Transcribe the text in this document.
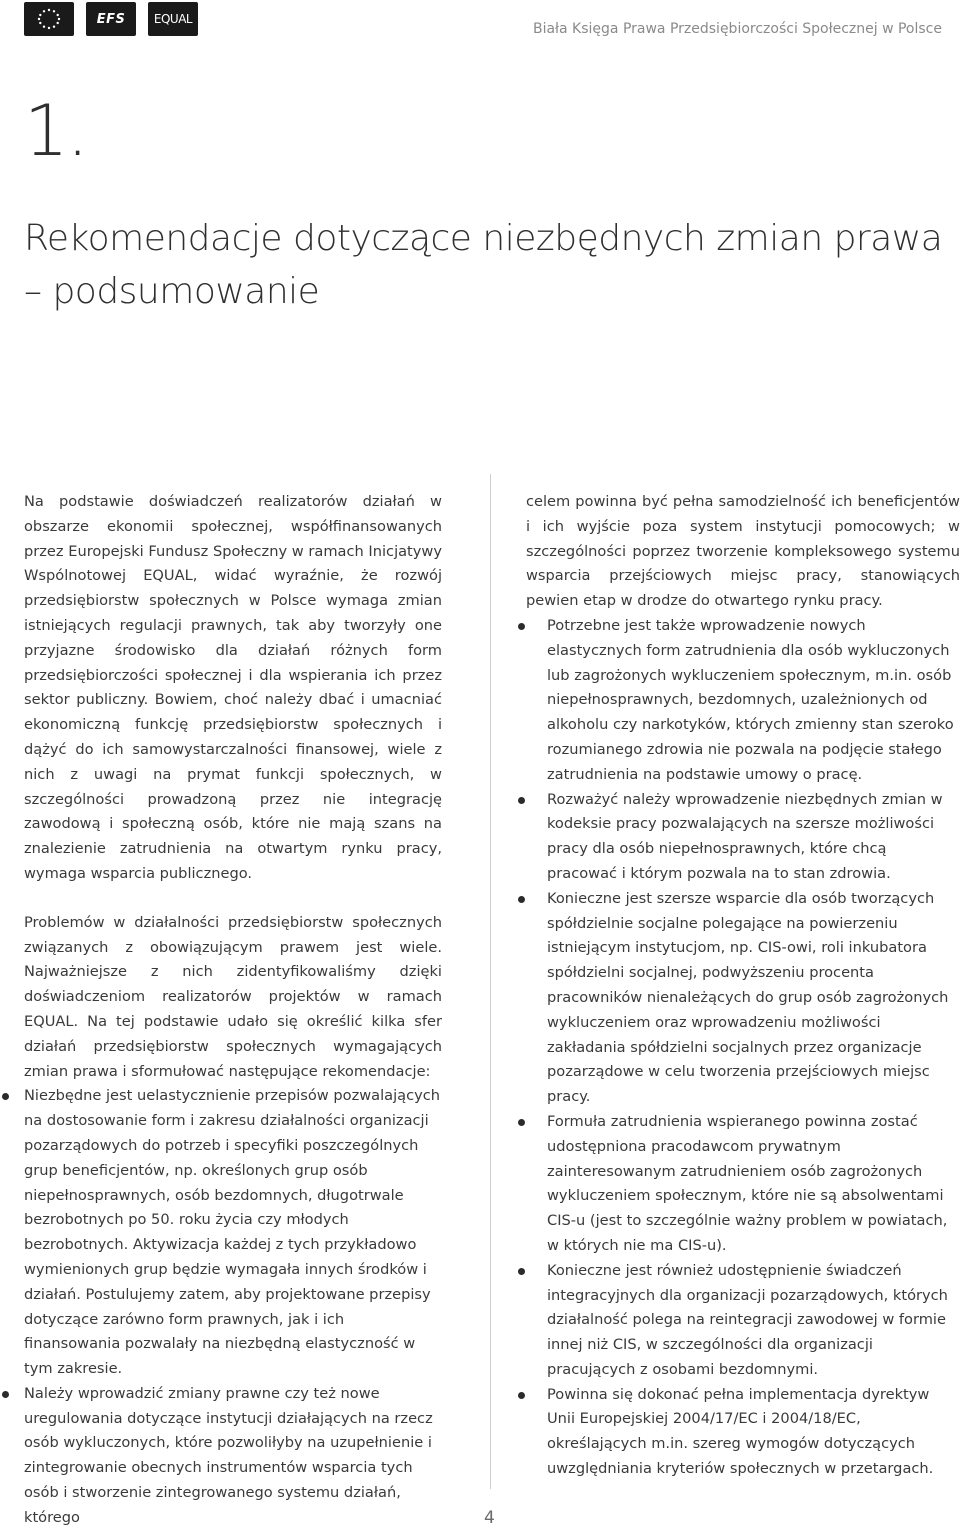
EFS	EQUAL
Biała Księga Prawa Przedsiębiorczości Społecznej w Polsce
1.
Rekomendacje dotyczące niezbędnych zmian prawa
– podsumowanie

Na podstawie doświadczeń realizatorów działań w obszarze ekonomii społecznej, współfinansowanych przez Europejski Fundusz Społeczny w ramach Inicjatywy Wspólnotowej EQUAL, widać wyraźnie, że rozwój przedsiębiorstw społecznych w Polsce wymaga zmian istniejących regulacji prawnych, tak aby tworzyły one przyjazne środowisko dla działań różnych form przedsiębiorczości społecznej i dla wspierania ich przez sektor publiczny. Bowiem, choć należy dbać i umacniać ekonomiczną funkcję przedsiębiorstw społecznych i dążyć do ich samowystarczalności finansowej, wiele z nich z uwagi na prymat funkcji społecznych, w szczególności prowadzoną przez nie integrację zawodową i społeczną osób, które nie mają szans na znalezienie zatrudnienia na otwartym rynku pracy, wymaga wsparcia publicznego.

Problemów w działalności przedsiębiorstw społecznych związanych z obowiązującym prawem jest wiele. Najważniejsze z nich zidentyfikowaliśmy dzięki doświadczeniom realizatorów projektów w ramach EQUAL. Na tej podstawie udało się określić kilka sfer działań przedsiębiorstw społecznych wymagających zmian prawa i sformułować następujące rekomendacje:

Niezbędne jest uelastycznienie przepisów pozwalających na dostosowanie form i zakresu działalności organizacji pozarządowych do potrzeb i specyfiki poszczególnych grup beneficjentów, np. określonych grup osób niepełnosprawnych, osób bezdomnych, długotrwale bezrobotnych po 50. roku życia czy młodych bezrobotnych. Aktywizacja każdej z tych przykładowo wymienionych grup będzie wymagała innych środków i działań. Postulujemy zatem, aby projektowane przepisy dotyczące zarówno form prawnych, jak i ich finansowania pozwalały na niezbędną elastyczność w tym zakresie.
Należy wprowadzić zmiany prawne czy też nowe uregulowania dotyczące instytucji działających na rzecz osób wykluczonych, które pozwoliłyby na uzupełnienie i zintegrowanie obecnych instrumentów wsparcia tych osób i stworzenie zintegrowanego systemu działań, którego

celem powinna być pełna samodzielność ich beneficjentów i ich wyjście poza system instytucji pomocowych; w szczególności poprzez tworzenie kompleksowego systemu wsparcia przejściowych miejsc pracy, stanowiących pewien etap w drodze do otwartego rynku pracy.

Potrzebne jest także wprowadzenie nowych elastycznych form zatrudnienia dla osób wykluczonych lub zagrożonych wykluczeniem społecznym, m.in. osób niepełnosprawnych, bezdomnych, uzależnionych od alkoholu czy narkotyków, których zmienny stan szeroko rozumianego zdrowia nie pozwala na podjęcie stałego zatrudnienia na podstawie umowy o pracę.
Rozważyć należy wprowadzenie niezbędnych zmian w kodeksie pracy pozwalających na szersze możliwości pracy dla osób niepełnosprawnych, które chcą pracować i którym pozwala na to stan zdrowia.
Konieczne jest szersze wsparcie dla osób tworzących spółdzielnie socjalne polegające na powierzeniu istniejącym instytucjom, np. CIS-owi, roli inkubatora spółdzielni socjalnej, podwyższeniu procenta pracowników nienależących do grup osób zagrożonych wykluczeniem oraz wprowadzeniu możliwości zakładania spółdzielni socjalnych przez organizacje pozarządowe w celu tworzenia przejściowych miejsc pracy.
Formuła zatrudnienia wspieranego powinna zostać udostępniona pracodawcom prywatnym zainteresowanym zatrudnieniem osób zagrożonych wykluczeniem społecznym, które nie są absolwentami CIS-u (jest to szczególnie ważny problem w powiatach, w których nie ma CIS-u).
Konieczne jest również udostępnienie świadczeń integracyjnych dla organizacji pozarządowych, których działalność polega na reintegracji zawodowej w formie innej niż CIS, w szczególności dla organizacji pracujących z osobami bezdomnymi.
Powinna się dokonać pełna implementacja dyrektyw Unii Europejskiej 2004/17/EC i 2004/18/EC, określających m.in. szereg wymogów dotyczących uwzględniania kryteriów społecznych w przetargach.
4
